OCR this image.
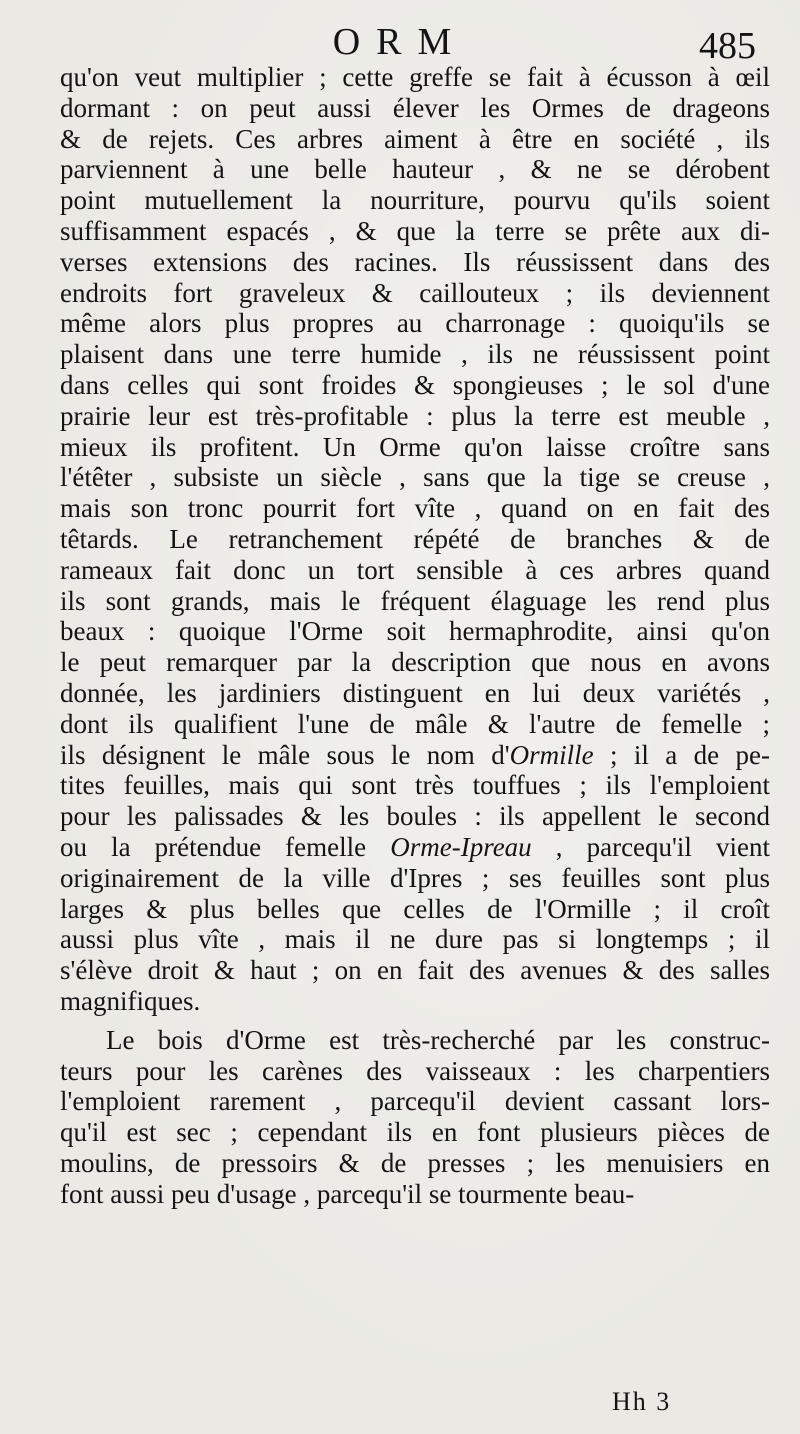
ORM	485
qu'on veut multiplier ; cette greffe se fait à écusson à œil
dormant : on peut aussi élever les Ormes de drageons
& de rejets. Ces arbres aiment à être en société , ils
parviennent à une belle hauteur , & ne se dérobent
point mutuellement la nourriture, pourvu qu'ils soient
suffisamment espacés , & que la terre se prête aux di-
verses extensions des racines. Ils réussissent dans des
endroits fort graveleux & caillouteux ; ils deviennent
même alors plus propres au charronage : quoiqu'ils se
plaisent dans une terre humide , ils ne réussissent point
dans celles qui sont froides & spongieuses ; le sol d'une
prairie leur est très-profitable : plus la terre est meuble ,
mieux ils profitent. Un Orme qu'on laisse croître sans
l'étêter , subsiste un siècle , sans que la tige se creuse ,
mais son tronc pourrit fort vîte , quand on en fait des
têtards. Le retranchement répété de branches & de
rameaux fait donc un tort sensible à ces arbres quand
ils sont grands, mais le fréquent élaguage les rend plus
beaux : quoique l'Orme soit hermaphrodite, ainsi qu'on
le peut remarquer par la description que nous en avons
donnée, les jardiniers distinguent en lui deux variétés ,
dont ils qualifient l'une de mâle & l'autre de femelle ;
ils désignent le mâle sous le nom d'Ormille ; il a de pe-
tites feuilles, mais qui sont très touffues ; ils l'emploient
pour les palissades & les boules : ils appellent le second
ou la prétendue femelle Orme-Ipreau , parcequ'il vient
originairement de la ville d'Ipres ; ses feuilles sont plus
larges & plus belles que celles de l'Ormille ; il croît
aussi plus vîte , mais il ne dure pas si longtemps ; il
s'élève droit & haut ; on en fait des avenues & des salles
magnifiques.
Le bois d'Orme est très-recherché par les construc-
teurs pour les carènes des vaisseaux : les charpentiers
l'emploient rarement , parcequ'il devient cassant lors-
qu'il est sec ; cependant ils en font plusieurs pièces de
moulins, de pressoirs & de presses ; les menuisiers en
font aussi peu d'usage , parcequ'il se tourmente beau-
Hh 3
